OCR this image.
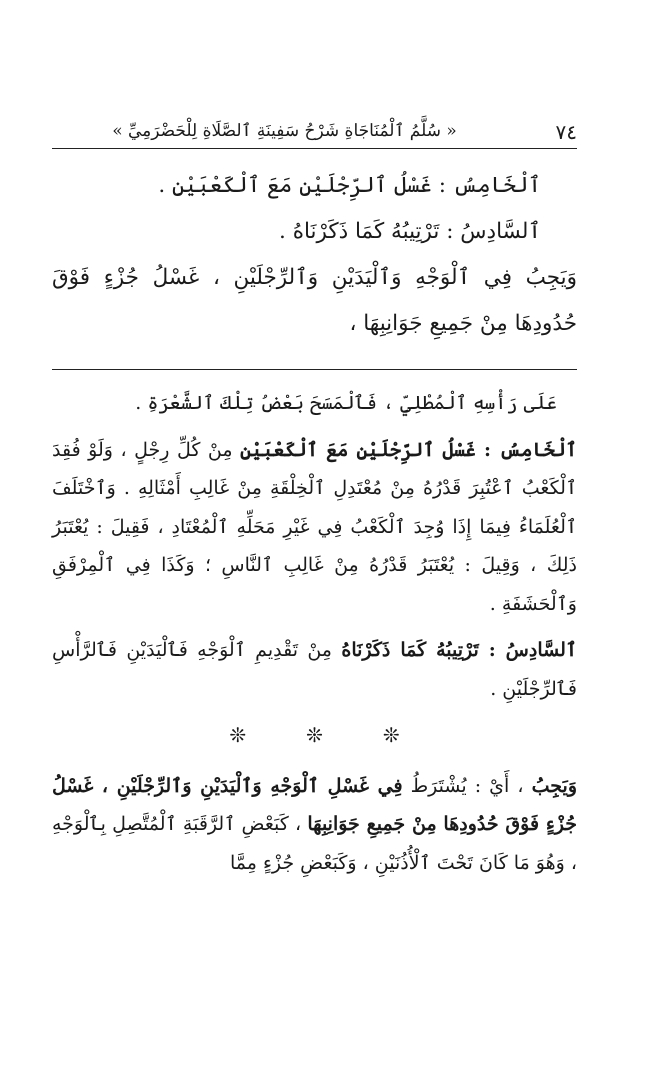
٧٤
« سُلَّمُ ٱلْمُنَاجَاةِ شَرْحُ سَفِينَةِ ٱلصَّلَاةِ لِلْحَضْرَمِيِّ »

ٱلْخَامِسُ : غَسْلُ ٱلرِّجْلَيْنِ مَعَ ٱلْكَعْبَيْنِ .

ٱلسَّادِسُ : تَرْتِيبُهُ كَمَا ذَكَرْنَاهُ .

وَيَجِبُ فِي ٱلْوَجْهِ وَٱلْيَدَيْنِ وَٱلرِّجْلَيْنِ ، غَسْلُ جُزْءٍ فَوْقَ حُدُودِهَا مِنْ جَمِيعِ جَوَانِبِهَا ،

عَلَى رَأْسِهِ ٱلْمُطْلِيِّ ، فَٱلْمَسَحَ بَعْضُ تِلْكَ ٱلشَّعْرَةِ .

ٱلْخَامِسُ : غَسْلُ ٱلرِّجْلَيْنِ مَعَ ٱلْكَعْبَيْنِ مِنْ كُلِّ رِجْلٍ ، وَلَوْ فُقِدَ ٱلْكَعْبُ ٱعْتُبِرَ قَدْرُهُ مِنْ مُعْتَدِلِ ٱلْخِلْقَةِ مِنْ غَالِبِ أَمْثَالِهِ . وَٱخْتَلَفَ ٱلْعُلَمَاءُ فِيمَا إِذَا وُجِدَ ٱلْكَعْبُ فِي غَيْرِ مَحَلِّهِ ٱلْمُعْتَادِ ، فَقِيلَ : يُعْتَبَرُ ذَلِكَ ، وَقِيلَ : يُعْتَبَرُ قَدْرُهُ مِنْ غَالِبِ ٱلنَّاسِ ؛ وَكَذَا فِي ٱلْمِرْفَقِ وَٱلْحَشَفَةِ .

ٱلسَّادِسُ : تَرْتِيبُهُ كَمَا ذَكَرْنَاهُ مِنْ تَقْدِيمِ ٱلْوَجْهِ فَٱلْيَدَيْنِ فَٱلرَّأْسِ فَٱلرِّجْلَيْنِ .

❊❊❊

وَيَجِبُ ، أَيْ : يُشْتَرَطُ فِي غَسْلِ ٱلْوَجْهِ وَٱلْيَدَيْنِ وَٱلرِّجْلَيْنِ ، غَسْلُ جُزْءٍ فَوْقَ حُدُودِهَا مِنْ جَمِيعِ جَوَانِبِهَا ، كَبَعْضِ ٱلرَّقَبَةِ ٱلْمُتَّصِلِ بِٱلْوَجْهِ ، وَهُوَ مَا كَانَ تَحْتَ ٱلْأُذُنَيْنِ ، وَكَبَعْضِ جُزْءٍ مِمَّا
